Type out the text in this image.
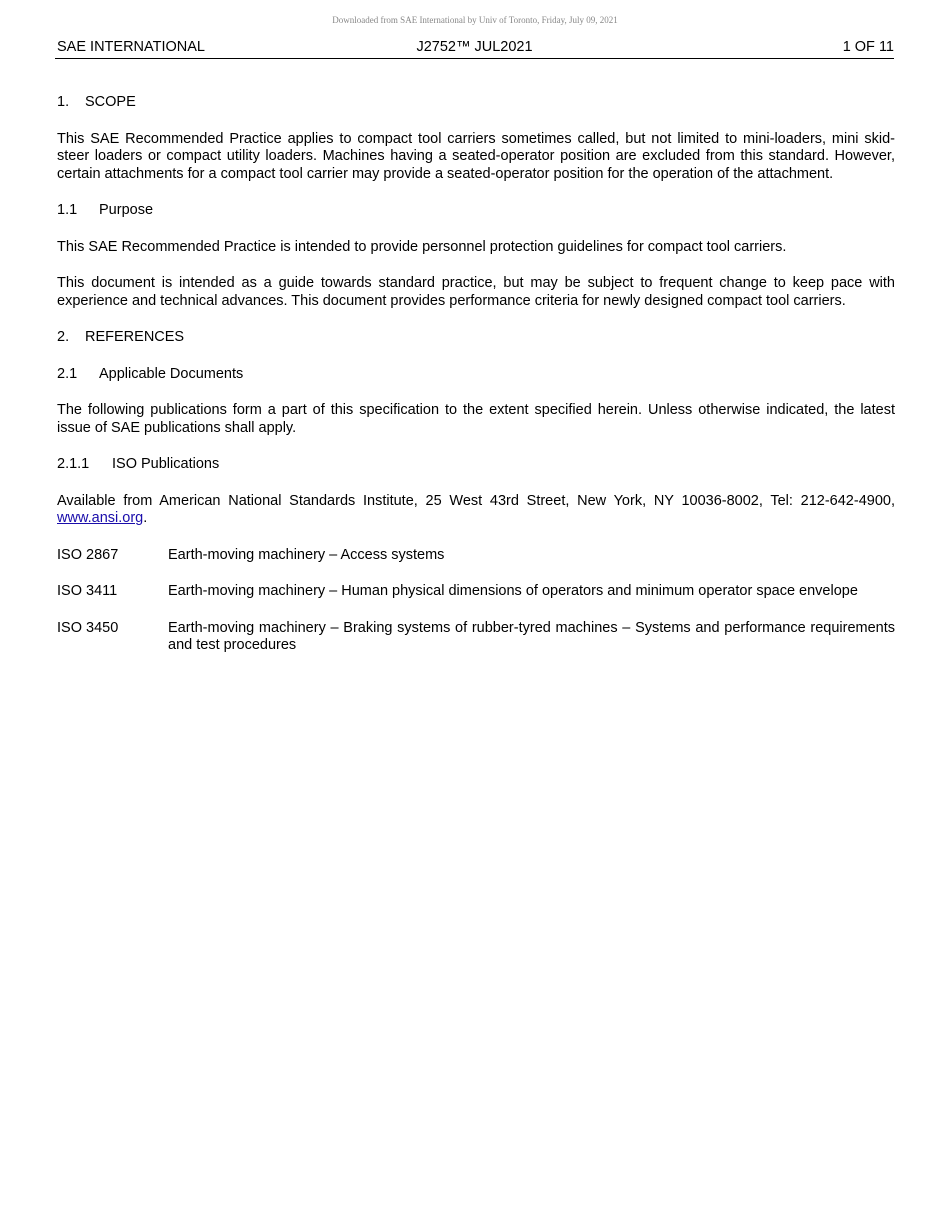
Downloaded from SAE International by Univ of Toronto, Friday, July 09, 2021
SAE INTERNATIONAL	J2752™ JUL2021	1 OF 11
1. SCOPE

This SAE Recommended Practice applies to compact tool carriers sometimes called, but not limited to mini-loaders, mini skid-steer loaders or compact utility loaders. Machines having a seated-operator position are excluded from this standard. However, certain attachments for a compact tool carrier may provide a seated-operator position for the operation of the attachment.

1.1 Purpose

This SAE Recommended Practice is intended to provide personnel protection guidelines for compact tool carriers.

This document is intended as a guide towards standard practice, but may be subject to frequent change to keep pace with experience and technical advances. This document provides performance criteria for newly designed compact tool carriers.

2. REFERENCES
2.1 Applicable Documents

The following publications form a part of this specification to the extent specified herein. Unless otherwise indicated, the latest issue of SAE publications shall apply.

2.1.1 ISO Publications

Available from American National Standards Institute, 25 West 43rd Street, New York, NY 10036-8002, Tel: 212-642-4900, www.ansi.org.

ISO 2867	Earth-moving machinery – Access systems
ISO 3411	Earth-moving machinery – Human physical dimensions of operators and minimum operator space envelope
ISO 3450	Earth-moving machinery – Braking systems of rubber-tyred machines – Systems and performance requirements and test procedures
